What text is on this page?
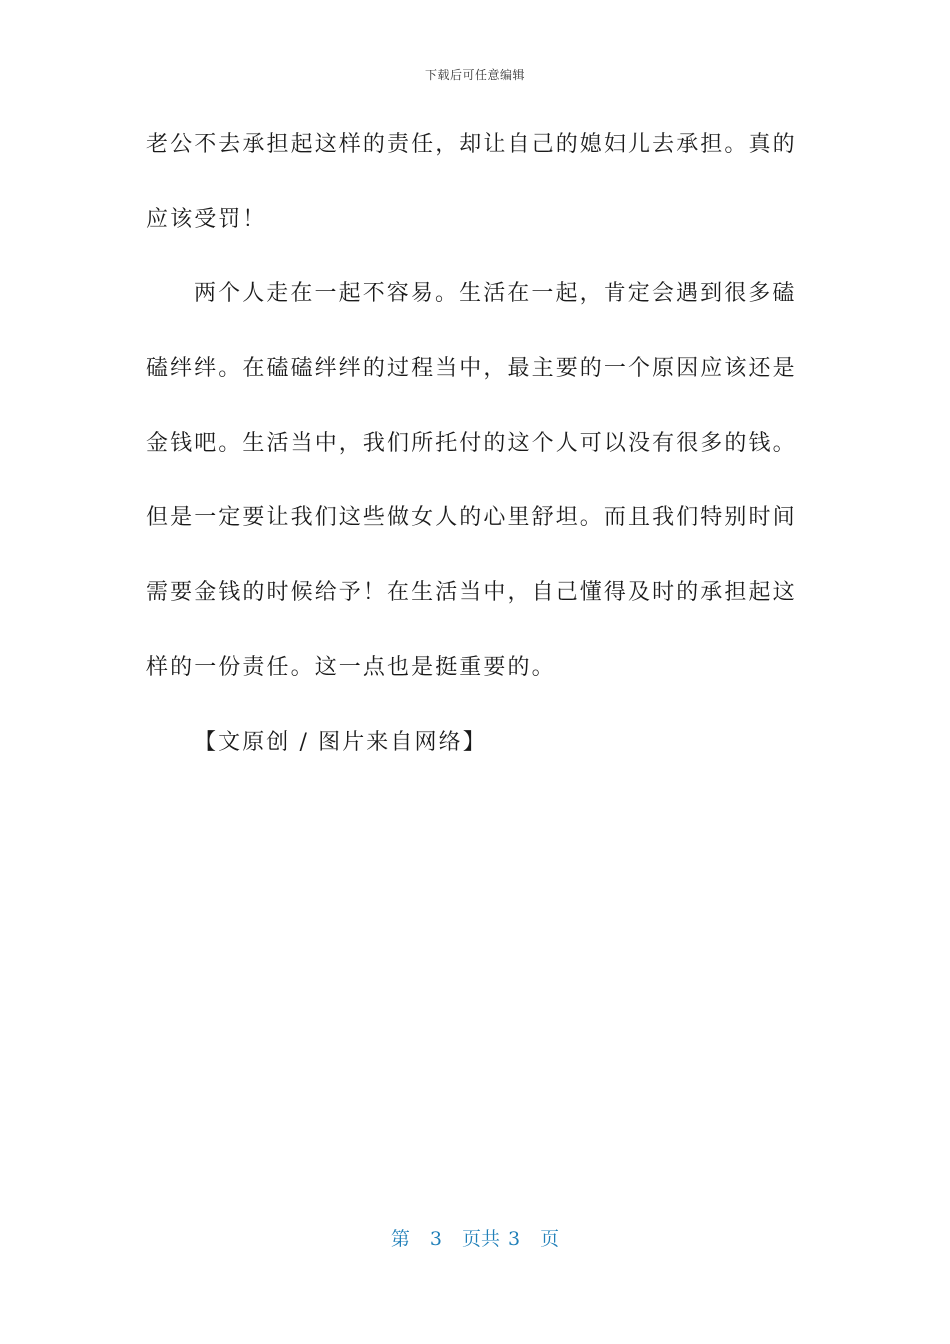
下载后可任意编辑
老公不去承担起这样的责任，却让自己的媳妇儿去承担。真的
应该受罚！
两个人走在一起不容易。生活在一起，肯定会遇到很多磕
磕绊绊。在磕磕绊绊的过程当中，最主要的一个原因应该还是
金钱吧。生活当中，我们所托付的这个人可以没有很多的钱。
但是一定要让我们这些做女人的心里舒坦。而且我们特别时间
需要金钱的时候给予！在生活当中，自己懂得及时的承担起这
样的一份责任。这一点也是挺重要的。
【文原创 / 图片来自网络】
第 3 页共 3 页
